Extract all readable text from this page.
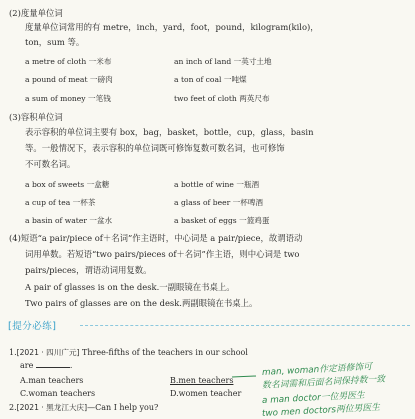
(2)度量单位词
度量单位词常用的有 metre，inch，yard，foot，pound，kilogram(kilo)，
ton，sum 等。
a metre of cloth 一米布	an inch of land 一英寸土地
a pound of meat 一磅肉	a ton of coal 一吨煤
a sum of money 一笔钱	two feet of cloth 两英尺布
(3)容积单位词
表示容积的单位词主要有 box，bag，basket，bottle，cup，glass，basin
等。一般情况下，表示容积的单位词既可修饰复数可数名词，也可修饰
不可数名词。
a box of sweets 一盒糖	a bottle of wine 一瓶酒
a cup of tea 一杯茶	a glass of beer 一杯啤酒
a basin of water 一盆水	a basket of eggs 一篮鸡蛋
(4)短语“a pair/piece of＋名词”作主语时，中心词是 a pair/piece，故谓语动
词用单数。若短语“two pairs/pieces of＋名词”作主语，则中心词是 two
pairs/pieces，谓语动词用复数。
A pair of glasses is on the desk.一副眼镜在书桌上。
Two pairs of glasses are on the desk.两副眼镜在书桌上。
[提分必练]
1.[2021 · 四川广元] Three-fifths of the teachers in our school
are	.
A.man teachers	B.men teachers
C.woman teachers	D.women teacher
2.[2021 · 黑龙江大庆]—Can I help you?
man, woman作定语修饰可
数名词需和后面名词保持数一致
a man doctor一位男医生
two men doctors两位男医生
